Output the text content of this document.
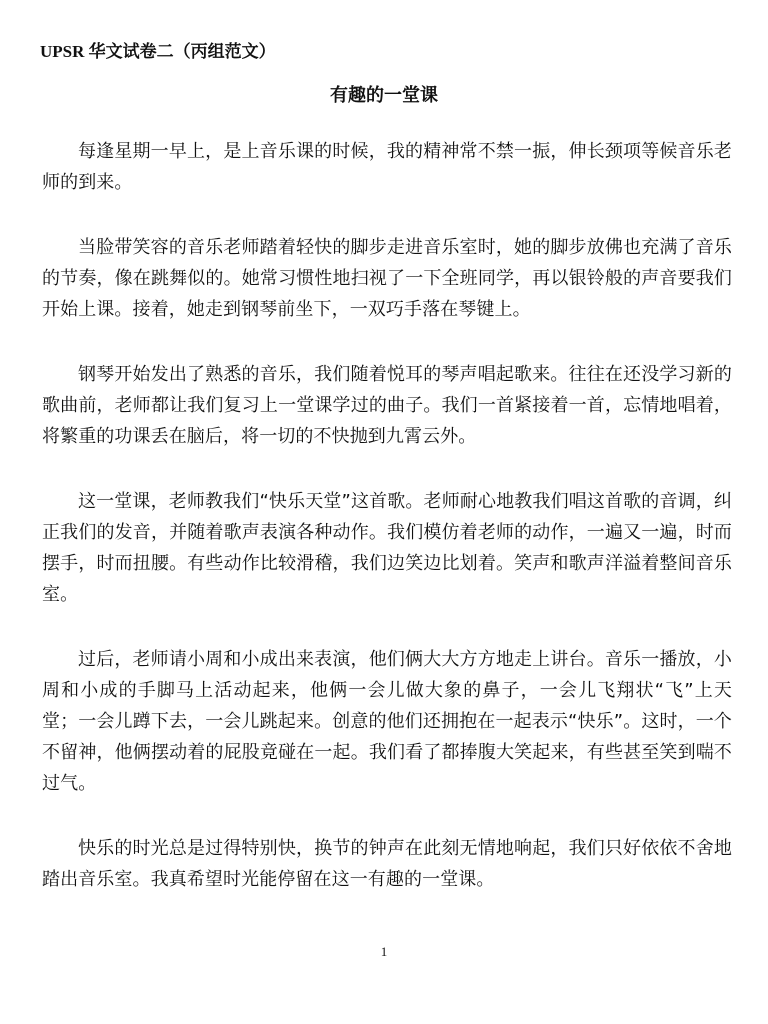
UPSR 华文试卷二（丙组范文）
有趣的一堂课

每逢星期一早上，是上音乐课的时候，我的精神常不禁一振，伸长颈项等候音乐老师的到来。

当脸带笑容的音乐老师踏着轻快的脚步走进音乐室时，她的脚步放佛也充满了音乐的节奏，像在跳舞似的。她常习惯性地扫视了一下全班同学，再以银铃般的声音要我们开始上课。接着，她走到钢琴前坐下，一双巧手落在琴键上。

钢琴开始发出了熟悉的音乐，我们随着悦耳的琴声唱起歌来。往往在还没学习新的歌曲前，老师都让我们复习上一堂课学过的曲子。我们一首紧接着一首，忘情地唱着，将繁重的功课丢在脑后，将一切的不快抛到九霄云外。

这一堂课，老师教我们“快乐天堂”这首歌。老师耐心地教我们唱这首歌的音调，纠正我们的发音，并随着歌声表演各种动作。我们模仿着老师的动作，一遍又一遍，时而摆手，时而扭腰。有些动作比较滑稽，我们边笑边比划着。笑声和歌声洋溢着整间音乐室。

过后，老师请小周和小成出来表演，他们俩大大方方地走上讲台。音乐一播放，小周和小成的手脚马上活动起来，他俩一会儿做大象的鼻子，一会儿飞翔状“飞”上天 堂；一会儿蹲下去，一会儿跳起来。创意的他们还拥抱在一起表示“快乐”。这时，一个 不留神，他俩摆动着的屁股竟碰在一起。我们看了都捧腹大笑起来，有些甚至笑到喘不过气。

快乐的时光总是过得特别快，换节的钟声在此刻无情地响起，我们只好依依不舍地踏出音乐室。我真希望时光能停留在这一有趣的一堂课。

1
